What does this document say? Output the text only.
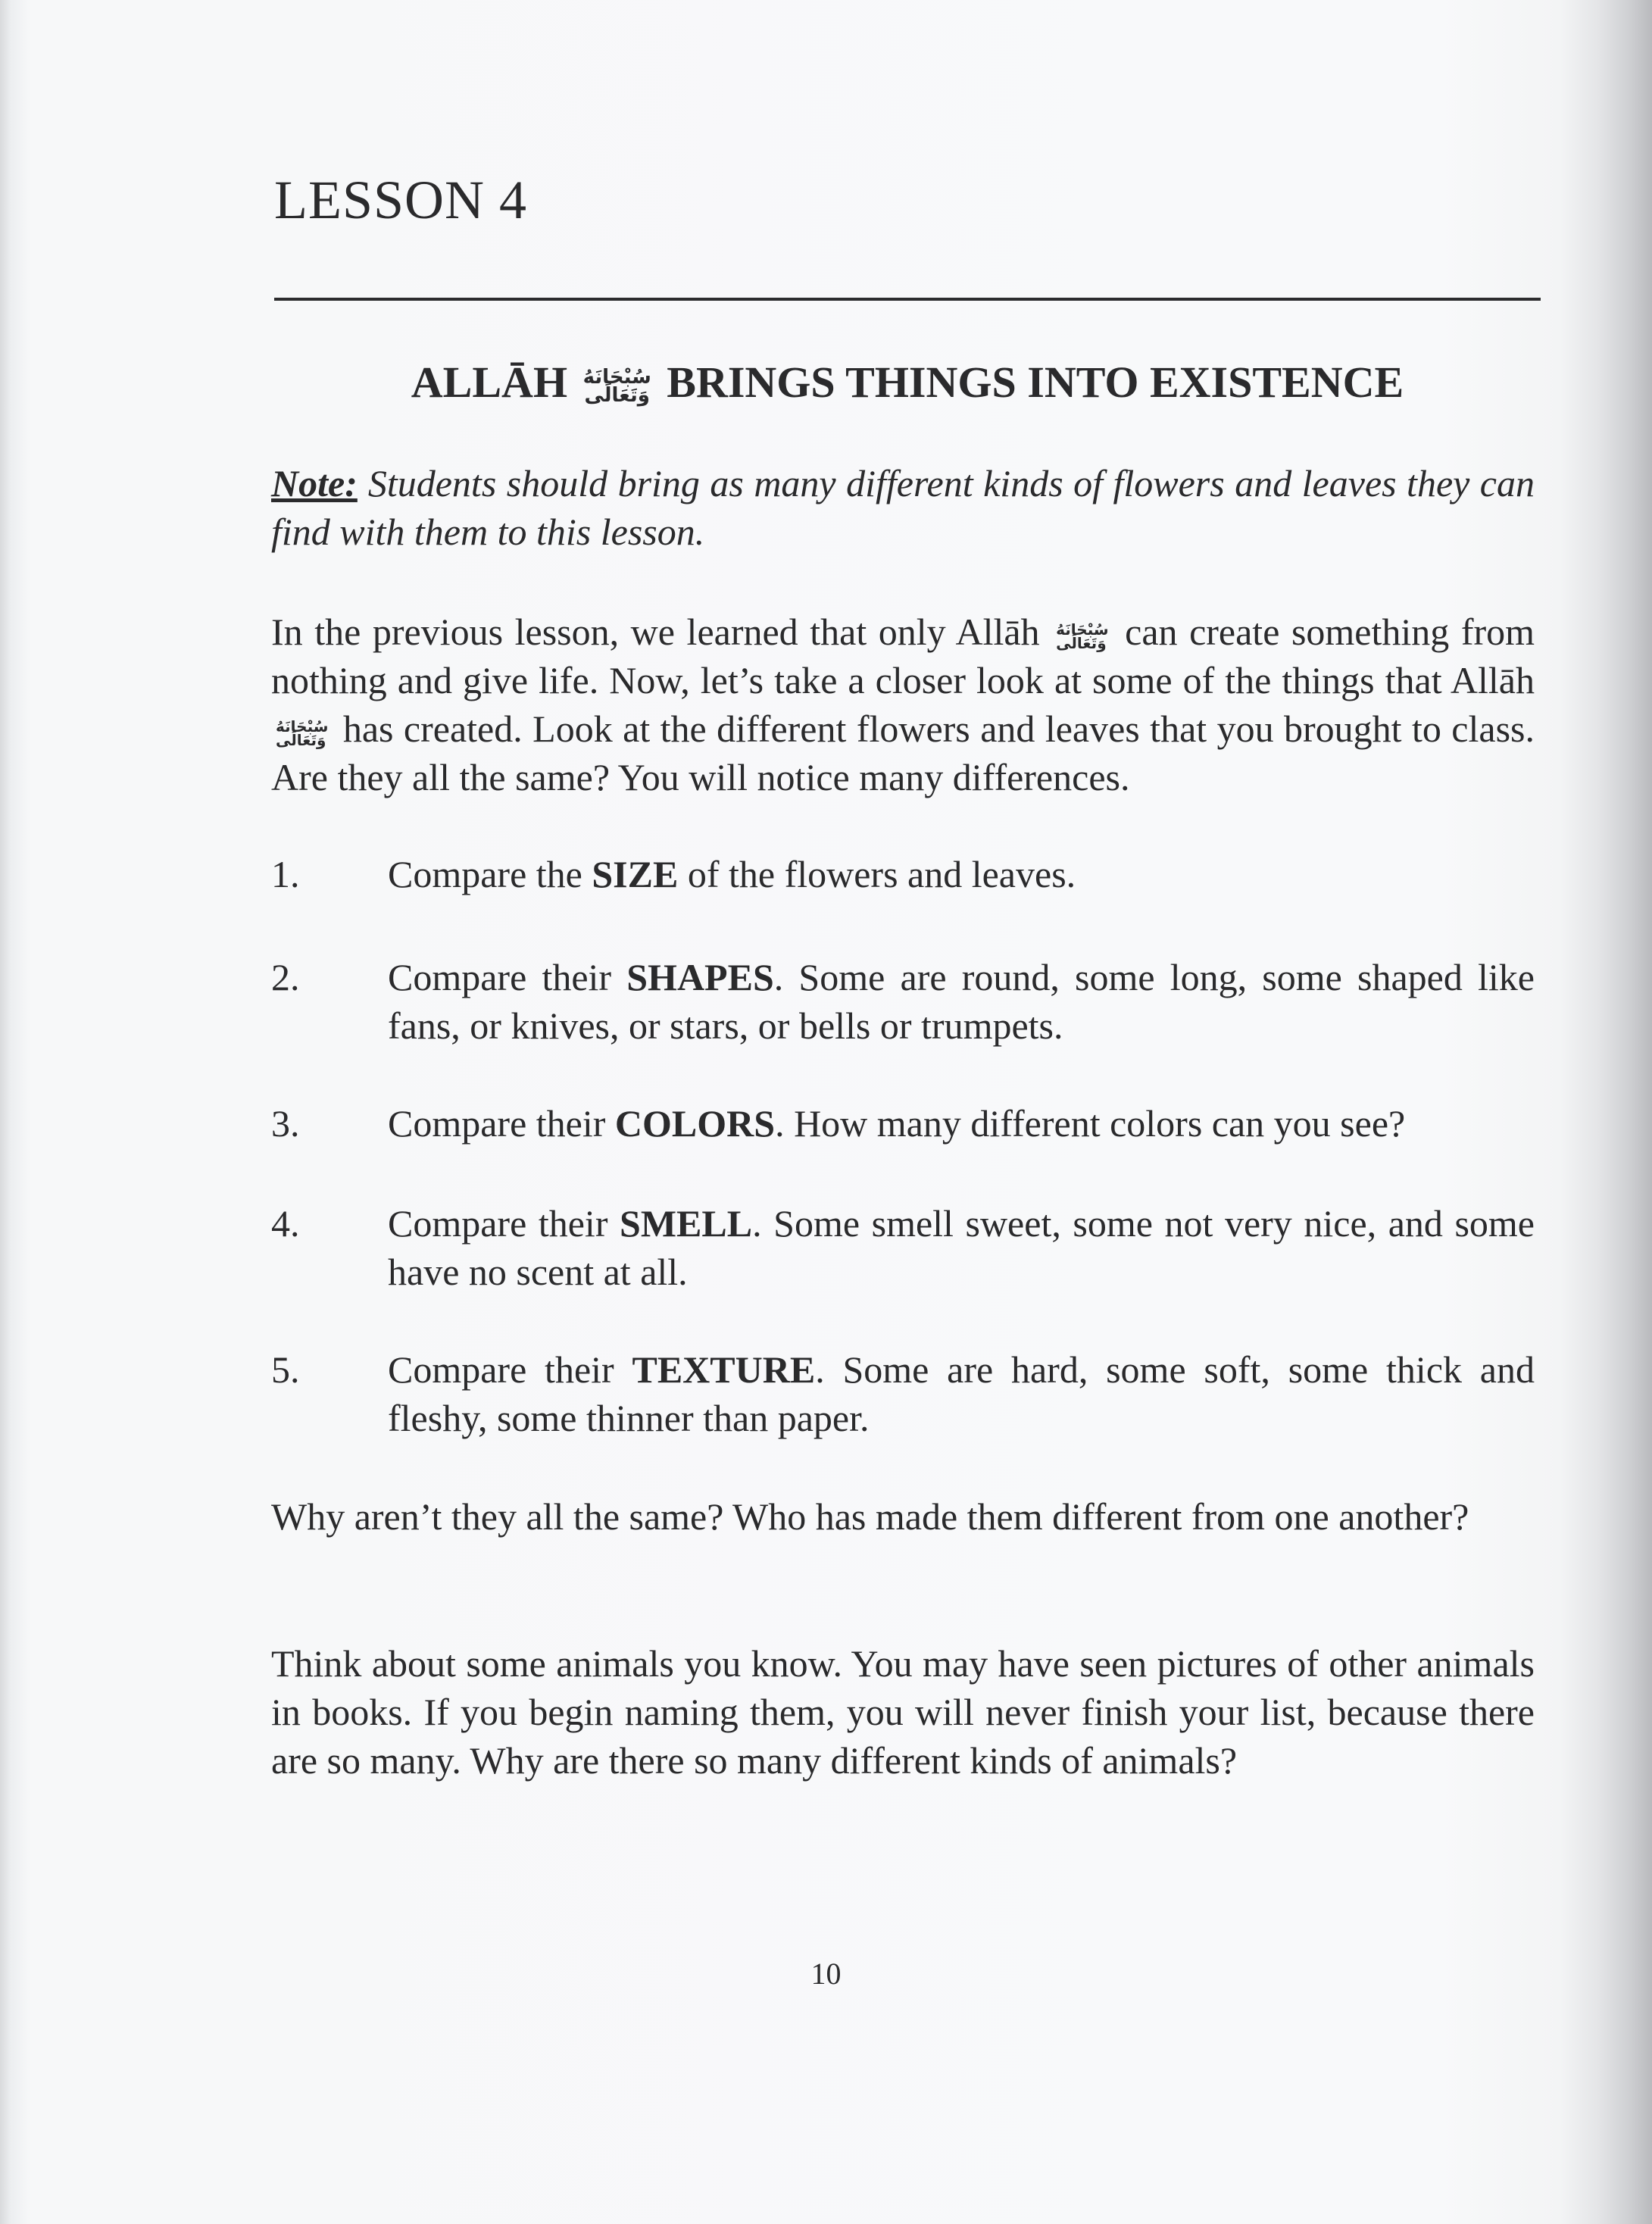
LESSON 4
ALLĀH سُبْحَانَهُ
وَتَعَالَى BRINGS THINGS INTO EXISTENCE

Note: Students should bring as many different kinds of flowers and leaves they can find with them to this lesson.

In the previous lesson, we learned that only Allāh سُبْحَانَهُ
وَتَعَالَى can create something from nothing and give life. Now, let’s take a closer look at some of the things that Allāh سُبْحَانَهُ
وَتَعَالَى has created. Look at the different flowers and leaves that you brought to class. Are they all the same? You will notice many differences.

1. Compare the SIZE of the flowers and leaves.
2. Compare their SHAPES. Some are round, some long, some shaped like fans, or knives, or stars, or bells or trumpets.
3. Compare their COLORS. How many different colors can you see?
4. Compare their SMELL. Some smell sweet, some not very nice, and some have no scent at all.
5. Compare their TEXTURE. Some are hard, some soft, some thick and fleshy, some thinner than paper.

Why aren’t they all the same? Who has made them different from one another?

Think about some animals you know. You may have seen pictures of other animals in books. If you begin naming them, you will never finish your list, because there are so many. Why are there so many different kinds of animals?

10
